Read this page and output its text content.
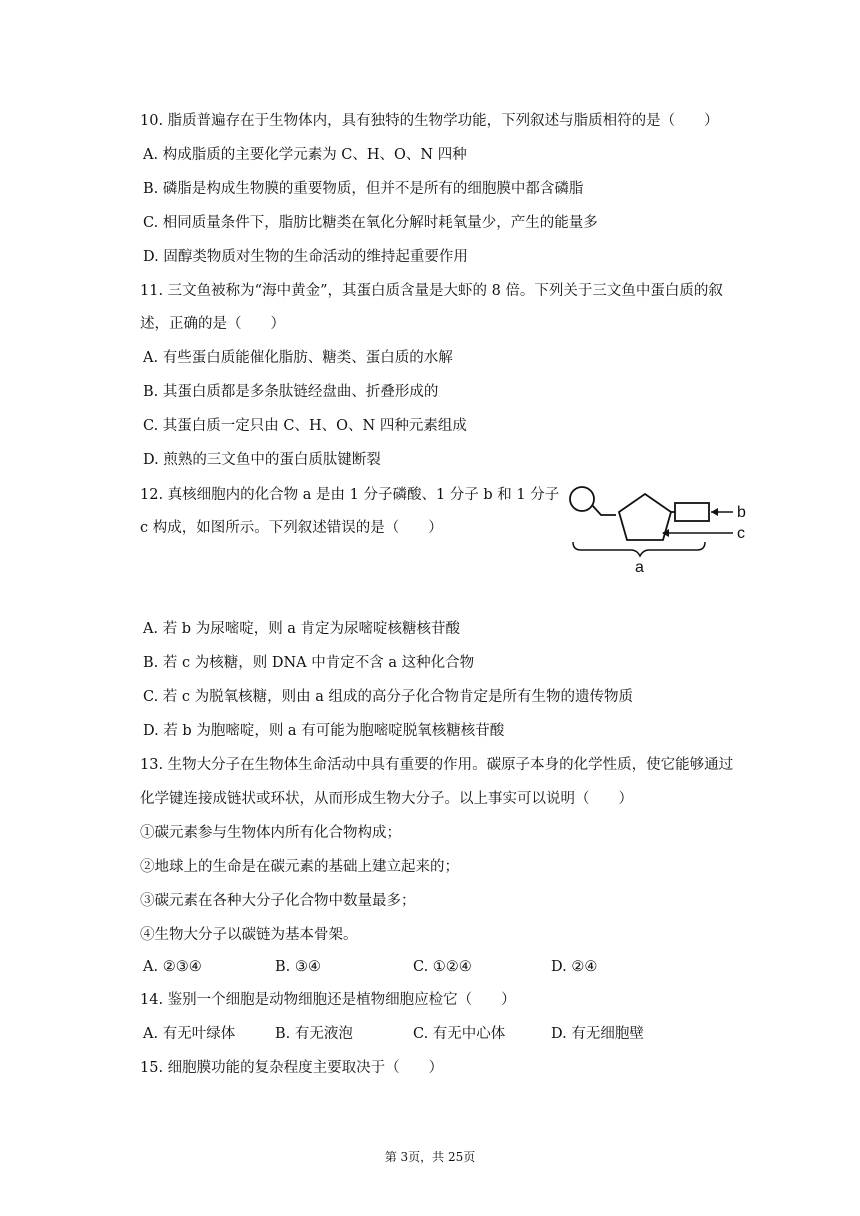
10. 脂质普遍存在于生物体内，具有独特的生物学功能，下列叙述与脂质相符的是（　　）
A. 构成脂质的主要化学元素为 C、H、O、N 四种
B. 磷脂是构成生物膜的重要物质，但并不是所有的细胞膜中都含磷脂
C. 相同质量条件下，脂肪比糖类在氧化分解时耗氧量少，产生的能量多
D. 固醇类物质对生物的生命活动的维持起重要作用
11. 三文鱼被称为“海中黄金”，其蛋白质含量是大虾的 8 倍。下列关于三文鱼中蛋白质的叙
述，正确的是（　　）
A. 有些蛋白质能催化脂肪、糖类、蛋白质的水解
B. 其蛋白质都是多条肽链经盘曲、折叠形成的
C. 其蛋白质一定只由 C、H、O、N 四种元素组成
D. 煎熟的三文鱼中的蛋白质肽键断裂
12. 真核细胞内的化合物 a 是由 1 分子磷酸、1 分子 b 和 1 分子
c 构成，如图所示。下列叙述错误的是（　　）
b
c
a
A. 若 b 为尿嘧啶，则 a 肯定为尿嘧啶核糖核苷酸
B. 若 c 为核糖，则 DNA 中肯定不含 a 这种化合物
C. 若 c 为脱氧核糖，则由 a 组成的高分子化合物肯定是所有生物的遗传物质
D. 若 b 为胞嘧啶，则 a 有可能为胞嘧啶脱氧核糖核苷酸
13. 生物大分子在生物体生命活动中具有重要的作用。碳原子本身的化学性质，使它能够通过
化学键连接成链状或环状，从而形成生物大分子。以上事实可以说明（　　）
①碳元素参与生物体内所有化合物构成；
②地球上的生命是在碳元素的基础上建立起来的；
③碳元素在各种大分子化合物中数量最多；
④生物大分子以碳链为基本骨架。
A. ②③④	B. ③④	C. ①②④	D. ②④
14. 鉴别一个细胞是动物细胞还是植物细胞应检它（　　）
A. 有无叶绿体	B. 有无液泡	C. 有无中心体	D. 有无细胞壁
15. 细胞膜功能的复杂程度主要取决于（　　）
第 3页，共 25页
